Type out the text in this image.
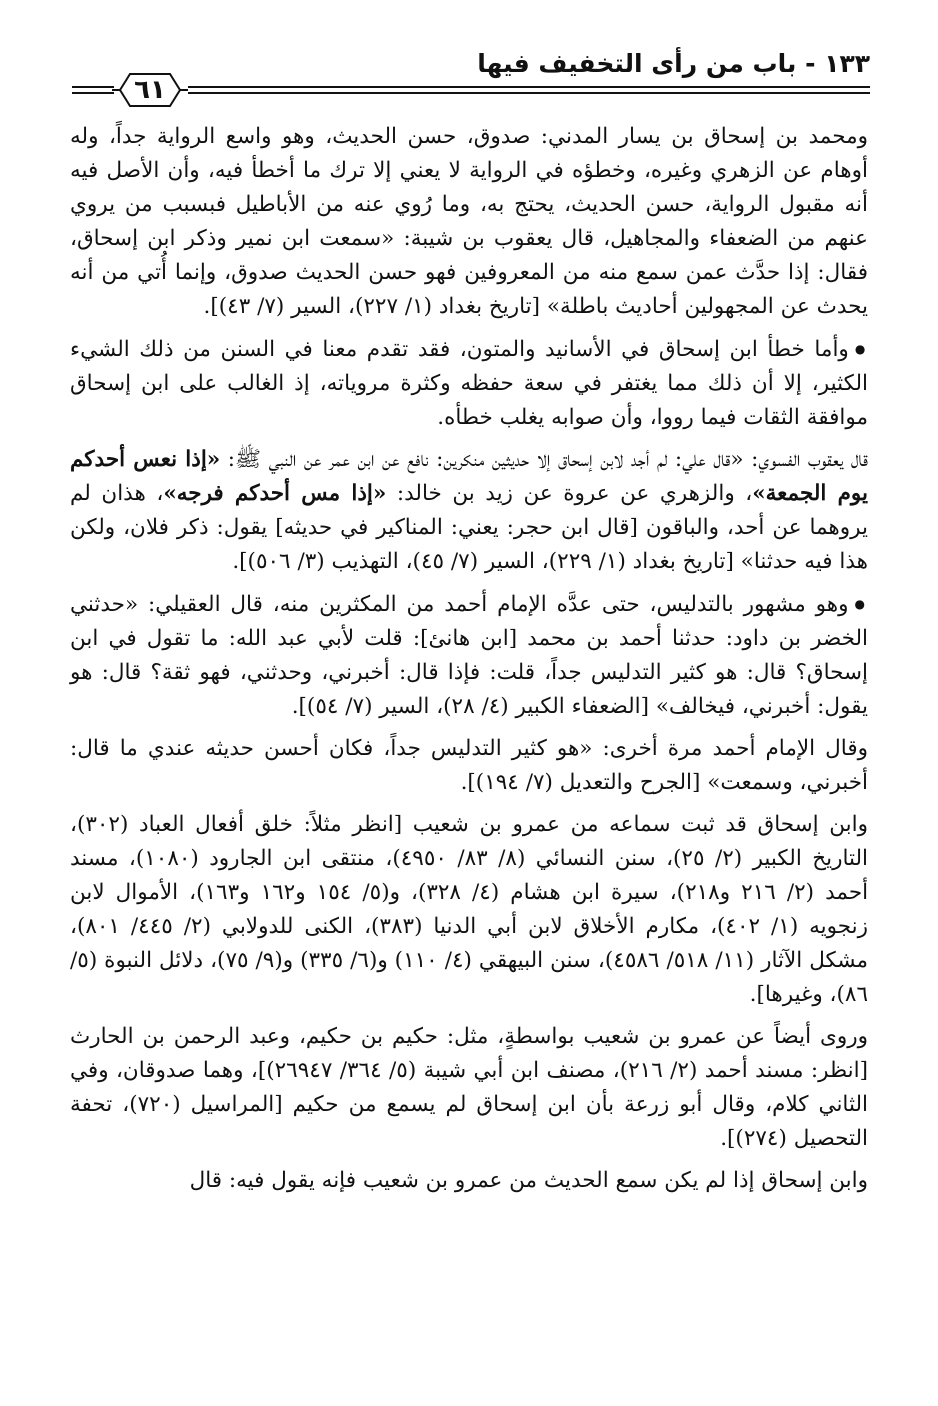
١٣٣ - باب من رأى التخفيف فيها
٦١

ومحمد بن إسحاق بن يسار المدني: صدوق، حسن الحديث، وهو واسع الرواية جداً، وله أوهام عن الزهري وغيره، وخطؤه في الرواية لا يعني إلا ترك ما أخطأ فيه، وأن الأصل فيه أنه مقبول الرواية، حسن الحديث، يحتج به، وما رُوي عنه من الأباطيل فبسبب من يروي عنهم من الضعفاء والمجاهيل، قال يعقوب بن شيبة: «سمعت ابن نمير وذكر ابن إسحاق، فقال: إذا حدَّث عمن سمع منه من المعروفين فهو حسن الحديث صدوق، وإنما أُتي من أنه يحدث عن المجهولين أحاديث باطلة» [تاريخ بغداد (١/ ٢٢٧)، السير (٧/ ٤٣)].

● وأما خطأ ابن إسحاق في الأسانيد والمتون، فقد تقدم معنا في السنن من ذلك الشيء الكثير، إلا أن ذلك مما يغتفر في سعة حفظه وكثرة مروياته، إذ الغالب على ابن إسحاق موافقة الثقات فيما رووا، وأن صوابه يغلب خطأه.

قال يعقوب الفسوي: «قال علي: لم أجد لابن إسحاق إلا حديثين منكرين: نافع عن ابن عمر عن النبي ﷺ: «إذا نعس أحدكم يوم الجمعة»، والزهري عن عروة عن زيد بن خالد: «إذا مس أحدكم فرجه»، هذان لم يروهما عن أحد، والباقون [قال ابن حجر: يعني: المناكير في حديثه] يقول: ذكر فلان، ولكن هذا فيه حدثنا» [تاريخ بغداد (١/ ٢٢٩)، السير (٧/ ٤٥)، التهذيب (٣/ ٥٠٦)].

● وهو مشهور بالتدليس، حتى عدَّه الإمام أحمد من المكثرين منه، قال العقيلي: «حدثني الخضر بن داود: حدثنا أحمد بن محمد [ابن هانئ]: قلت لأبي عبد الله: ما تقول في ابن إسحاق؟ قال: هو كثير التدليس جداً، قلت: فإذا قال: أخبرني، وحدثني، فهو ثقة؟ قال: هو يقول: أخبرني، فيخالف» [الضعفاء الكبير (٤/ ٢٨)، السير (٧/ ٥٤)].

وقال الإمام أحمد مرة أخرى: «هو كثير التدليس جداً، فكان أحسن حديثه عندي ما قال: أخبرني، وسمعت» [الجرح والتعديل (٧/ ١٩٤)].

وابن إسحاق قد ثبت سماعه من عمرو بن شعيب [انظر مثلاً: خلق أفعال العباد (٣٠٢)، التاريخ الكبير (٢/ ٢٥)، سنن النسائي (٨/ ٨٣/ ٤٩٥٠)، منتقى ابن الجارود (١٠٨٠)، مسند أحمد (٢/ ٢١٦ و٢١٨)، سيرة ابن هشام (٤/ ٣٢٨)، و(٥/ ١٥٤ و١٦٢ و١٦٣)، الأموال لابن زنجويه (١/ ٤٠٢)، مكارم الأخلاق لابن أبي الدنيا (٣٨٣)، الكنى للدولابي (٢/ ٤٤٥/ ٨٠١)، مشكل الآثار (١١/ ٥١٨/ ٤٥٨٦)، سنن البيهقي (٤/ ١١٠) و(٦/ ٣٣٥) و(٩/ ٧٥)، دلائل النبوة (٥/ ٨٦)، وغيرها].

وروى أيضاً عن عمرو بن شعيب بواسطةٍ، مثل: حكيم بن حكيم، وعبد الرحمن بن الحارث [انظر: مسند أحمد (٢/ ٢١٦)، مصنف ابن أبي شيبة (٥/ ٣٦٤/ ٢٦٩٤٧)]، وهما صدوقان، وفي الثاني كلام، وقال أبو زرعة بأن ابن إسحاق لم يسمع من حكيم [المراسيل (٧٢٠)، تحفة التحصيل (٢٧٤)].

وابن إسحاق إذا لم يكن سمع الحديث من عمرو بن شعيب فإنه يقول فيه: قال
